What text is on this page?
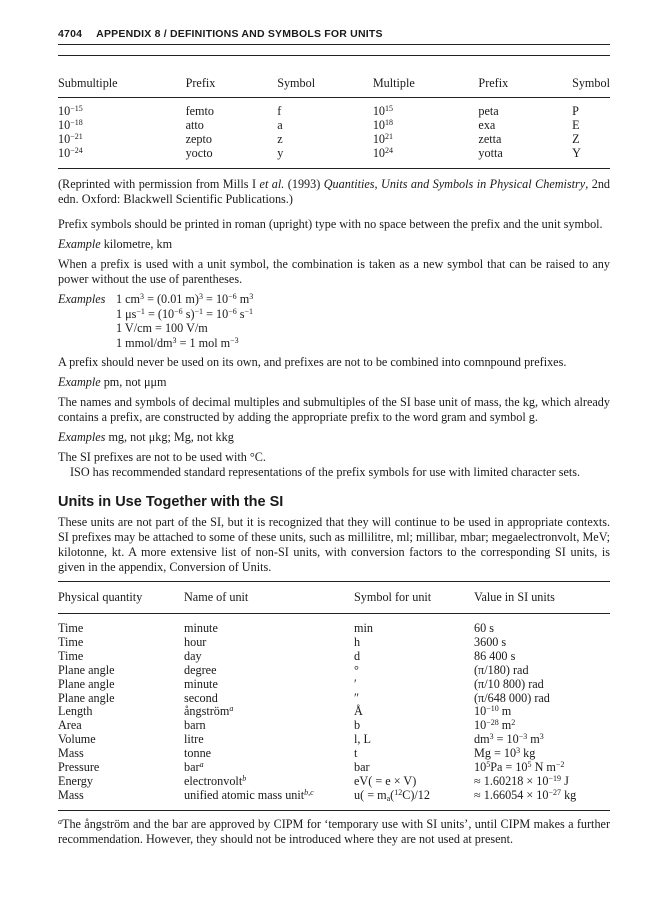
4704 APPENDIX 8 / DEFINITIONS AND SYMBOLS FOR UNITS
Submultiple	Prefix	Symbol	Multiple	Prefix	Symbol
$10^{-15}$	femto	f	$10^{15}$	peta	P
$10^{-18}$	atto	a	$10^{18}$	exa	E
$10^{-21}$	zepto	z	$10^{21}$	zetta	Z
$10^{-24}$	yocto	y	$10^{24}$	yotta	Y

(Reprinted with permission from Mills I et al. (1993) Quantities, Units and Symbols in Physical Chemistry, 2nd edn. Oxford: Blackwell Scientific Publications.)

Prefix symbols should be printed in roman (upright) type with no space between the prefix and the unit symbol.

Example kilometre, km

When a prefix is used with a unit symbol, the combination is taken as a new symbol that can be raised to any power without the use of parentheses.

Examples 1 $cm^3 = (0.01$ $m)^3 = 10^{-6}$ $m^3$
1 $\mu s^{-1} = (10^{-6}$ $s)^{-1} = 10^{-6}$ $s^{-1}$
1 V/cm = 100 V/m
1 mmol/$dm^3 = 1$ mol $m^{-3}$

A prefix should never be used on its own, and prefixes are not to be combined into comnpound prefixes.

Example pm, not μμm

The names and symbols of decimal multiples and submultiples of the SI base unit of mass, the kg, which already contains a prefix, are constructed by adding the appropriate prefix to the word gram and symbol g.

Examples mg, not μkg; Mg, not kkg

The SI prefixes are not to be used with °C.

ISO has recommended standard representations of the prefix symbols for use with limited character sets.

Units in Use Together with the SI

These units are not part of the SI, but it is recognized that they will continue to be used in appropriate contexts. SI prefixes may be attached to some of these units, such as millilitre, ml; millibar, mbar; megaelectronvolt, MeV; kilotonne, kt. A more extensive list of non-SI units, with conversion factors to the corresponding SI units, is given in the appendix, Conversion of Units.

Physical quantity	Name of unit	Symbol for unit	Value in SI units
Time	minute	min	60 s
Time	hour	h	3600 s
Time	day	d	86 400 s
Plane angle	degree	°	(π/180) rad
Plane angle	minute	′	(π/10 800) rad
Plane angle	second	″	(π/648 000) rad
Length	ångström$^a$	Å	$10^{-10}$ m
Area	barn	b	$10^{-28}$ $m^2$
Volume	litre	l, L	$dm^3 = 10^{-3}$ $m^3$
Mass	tonne	t	$Mg = 10^3$ kg
Pressure	bar$^a$	bar	$10^5Pa = 10^5$ N $m^{-2}$
Energy	electronvolt$^b$	eV( = e × V)	≈ $1.60218 \times 10^{-19}$ J
Mass	unified atomic mass unit$^{b,c}$	$u( = m_a(^{12}C)/12$	≈ $1.66054 \times 10^{-27}$ kg

$^a$The ångström and the bar are approved by CIPM for ‘temporary use with SI units’, until CIPM makes a further recommendation. However, they should not be introduced where they are not used at present.
